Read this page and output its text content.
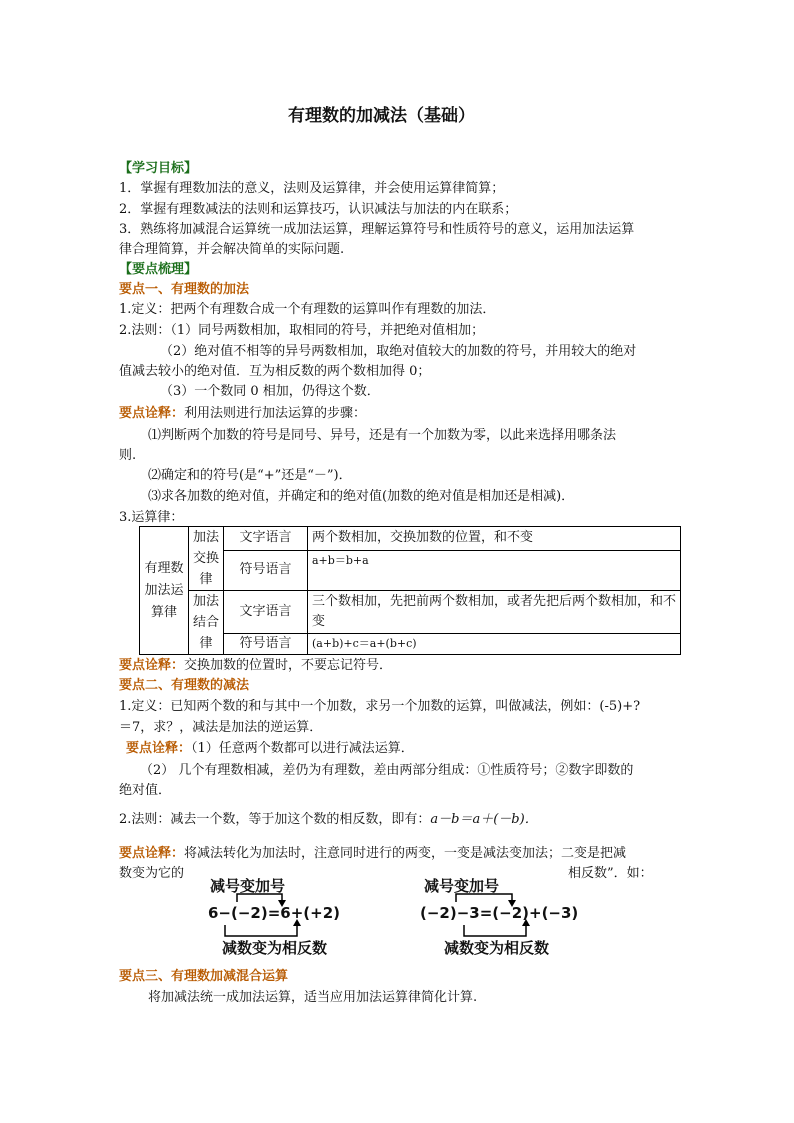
有理数的加减法（基础）
【学习目标】
1．掌握有理数加法的意义，法则及运算律，并会使用运算律简算；
2．掌握有理数减法的法则和运算技巧，认识减法与加法的内在联系；
3．熟练将加减混合运算统一成加法运算，理解运算符号和性质符号的意义，运用加法运算
律合理简算，并会解决简单的实际问题.
【要点梳理】
要点一、有理数的加法
1.定义：把两个有理数合成一个有理数的运算叫作有理数的加法．
2.法则：（1）同号两数相加，取相同的符号，并把绝对值相加；
（2）绝对值不相等的异号两数相加，取绝对值较大的加数的符号，并用较大的绝对
值减去较小的绝对值．互为相反数的两个数相加得 0；
（3）一个数同 0 相加，仍得这个数．
要点诠释：利用法则进行加法运算的步骤：
⑴判断两个加数的符号是同号、异号，还是有一个加数为零，以此来选择用哪条法
则.
⑵确定和的符号(是“+”还是“－”)．
⑶求各加数的绝对值，并确定和的绝对值(加数的绝对值是相加还是相减)．
3.运算律：
有理数加法运算律	加法交换律	文字语言	两个数相加，交换加数的位置，和不变
		符号语言	a+b＝b+a
	加法结合律	文字语言	三个数相加，先把前两个数相加，或者先把后两个数相加，和不变
		符号语言	(a+b)+c＝a+(b+c)
要点诠释：交换加数的位置时，不要忘记符号．
要点二、有理数的减法
1.定义：已知两个数的和与其中一个加数，求另一个加数的运算，叫做减法，例如：(-5)+?
＝7，求？，减法是加法的逆运算．
要点诠释：（1）任意两个数都可以进行减法运算．
（2） 几个有理数相减，差仍为有理数，差由两部分组成：①性质符号；②数字即数的
绝对值．
2.法则：减去一个数，等于加这个数的相反数，即有：a－b＝a＋(－b)．
要点诠释：将减法转化为加法时，注意同时进行的两变，一变是减法变加法；二变是把减
数变为它的	相反数”．如：
减号变加号
6−(−2)=6+(+2)
减数变为相反数
减号变加号
(−2)−3=(−2)+(−3)
减数变为相反数
要点三、有理数加减混合运算
将加减法统一成加法运算，适当应用加法运算律简化计算.
